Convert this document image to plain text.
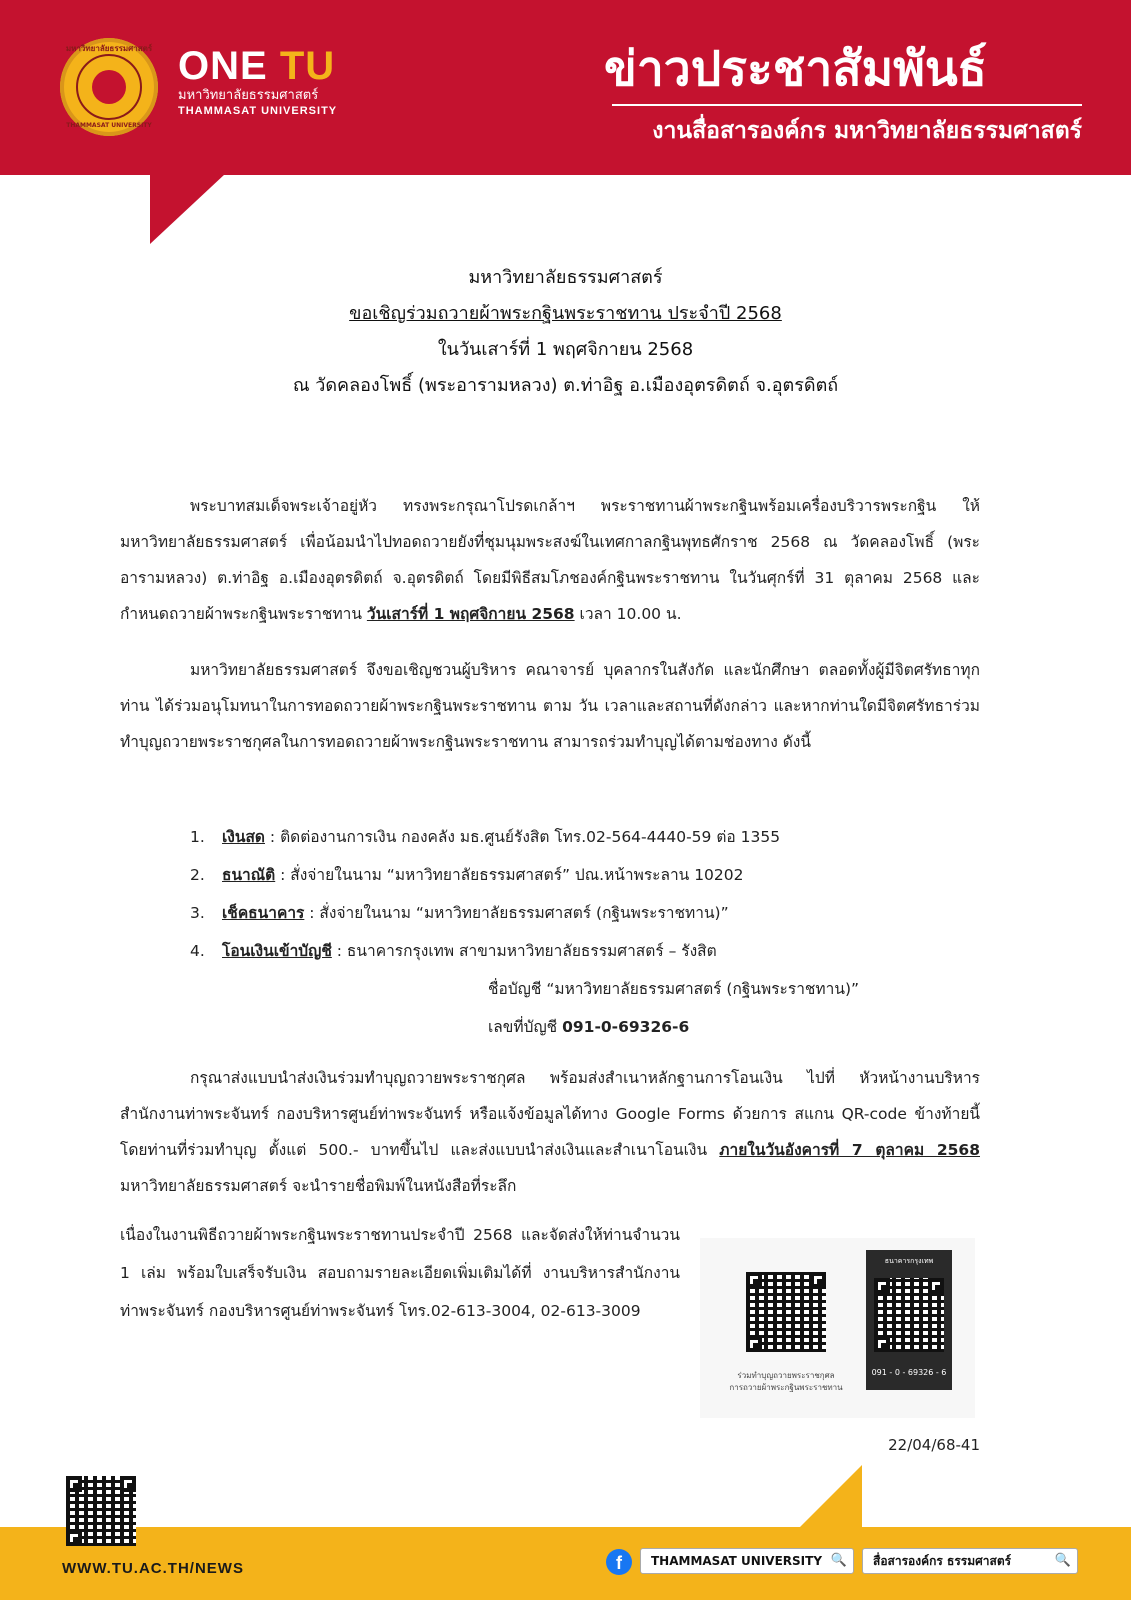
มหาวิทยาลัยธรรมศาสตร์
THAMMASAT UNIVERSITY
ONE TU
มหาวิทยาลัยธรรมศาสตร์
THAMMASAT UNIVERSITY
ข่าวประชาสัมพันธ์
งานสื่อสารองค์กร มหาวิทยาลัยธรรมศาสตร์
มหาวิทยาลัยธรรมศาสตร์
ขอเชิญร่วมถวายผ้าพระกฐินพระราชทาน ประจำปี 2568
ในวันเสาร์ที่ 1 พฤศจิกายน 2568
ณ วัดคลองโพธิ์ (พระอารามหลวง) ต.ท่าอิฐ อ.เมืองอุตรดิตถ์ จ.อุตรดิตถ์
พระบาทสมเด็จพระเจ้าอยู่หัว ทรงพระกรุณาโปรดเกล้าฯ พระราชทานผ้าพระกฐินพร้อมเครื่องบริวารพระกฐิน ให้มหาวิทยาลัยธรรมศาสตร์ เพื่อน้อมนำไปทอดถวายยังที่ชุมนุมพระสงฆ์ในเทศกาลกฐินพุทธศักราช 2568 ณ วัดคลองโพธิ์ (พระอารามหลวง) ต.ท่าอิฐ อ.เมืองอุตรดิตถ์ จ.อุตรดิตถ์ โดยมีพิธีสมโภชองค์กฐินพระราชทาน ในวันศุกร์ที่ 31 ตุลาคม 2568 และกำหนดถวายผ้าพระกฐินพระราชทาน วันเสาร์ที่ 1 พฤศจิกายน 2568 เวลา 10.00 น.
มหาวิทยาลัยธรรมศาสตร์ จึงขอเชิญชวนผู้บริหาร คณาจารย์ บุคลากรในสังกัด และนักศึกษา ตลอดทั้งผู้มีจิตศรัทธาทุกท่าน ได้ร่วมอนุโมทนาในการทอดถวายผ้าพระกฐินพระราชทาน ตาม วัน เวลาและสถานที่ดังกล่าว และหากท่านใดมีจิตศรัทธาร่วมทำบุญถวายพระราชกุศลในการทอดถวายผ้าพระกฐินพระราชทาน สามารถร่วมทำบุญได้ตามช่องทาง ดังนี้
1. เงินสด : ติดต่องานการเงิน กองคลัง มธ.ศูนย์รังสิต โทร.02-564-4440-59 ต่อ 1355
2. ธนาณัติ : สั่งจ่ายในนาม “มหาวิทยาลัยธรรมศาสตร์” ปณ.หน้าพระลาน 10202
3. เช็คธนาคาร : สั่งจ่ายในนาม “มหาวิทยาลัยธรรมศาสตร์ (กฐินพระราชทาน)”
4. โอนเงินเข้าบัญชี : ธนาคารกรุงเทพ สาขามหาวิทยาลัยธรรมศาสตร์ – รังสิต
ชื่อบัญชี “มหาวิทยาลัยธรรมศาสตร์ (กฐินพระราชทาน)”
เลขที่บัญชี 091-0-69326-6
กรุณาส่งแบบนำส่งเงินร่วมทำบุญถวายพระราชกุศล พร้อมส่งสำเนาหลักฐานการโอนเงิน ไปที่ หัวหน้างานบริหารสำนักงานท่าพระจันทร์ กองบริหารศูนย์ท่าพระจันทร์ หรือแจ้งข้อมูลได้ทาง Google Forms ด้วยการ สแกน QR-code ข้างท้ายนี้ โดยท่านที่ร่วมทำบุญ ตั้งแต่ 500.- บาทขึ้นไป และส่งแบบนำส่งเงินและสำเนาโอนเงิน ภายในวันอังคารที่ 7 ตุลาคม 2568 มหาวิทยาลัยธรรมศาสตร์ จะนำรายชื่อพิมพ์ในหนังสือที่ระลึก
เนื่องในงานพิธีถวายผ้าพระกฐินพระราชทานประจำปี 2568 และจัดส่งให้ท่านจำนวน 1 เล่ม พร้อมใบเสร็จรับเงิน สอบถามรายละเอียดเพิ่มเติมได้ที่ งานบริหารสำนักงานท่าพระจันทร์ กองบริหารศูนย์ท่าพระจันทร์ โทร.02-613-3004, 02-613-3009
ร่วมทำบุญถวายพระราชกุศล
การถวายผ้าพระกฐินพระราชทาน
ธนาคารกรุงเทพ
091 - 0 - 69326 - 6
22/04/68-41
WWW.TU.AC.TH/NEWS	f	THAMMASAT UNIVERSITY 🔍	สื่อสารองค์กร ธรรมศาสตร์	🔍
